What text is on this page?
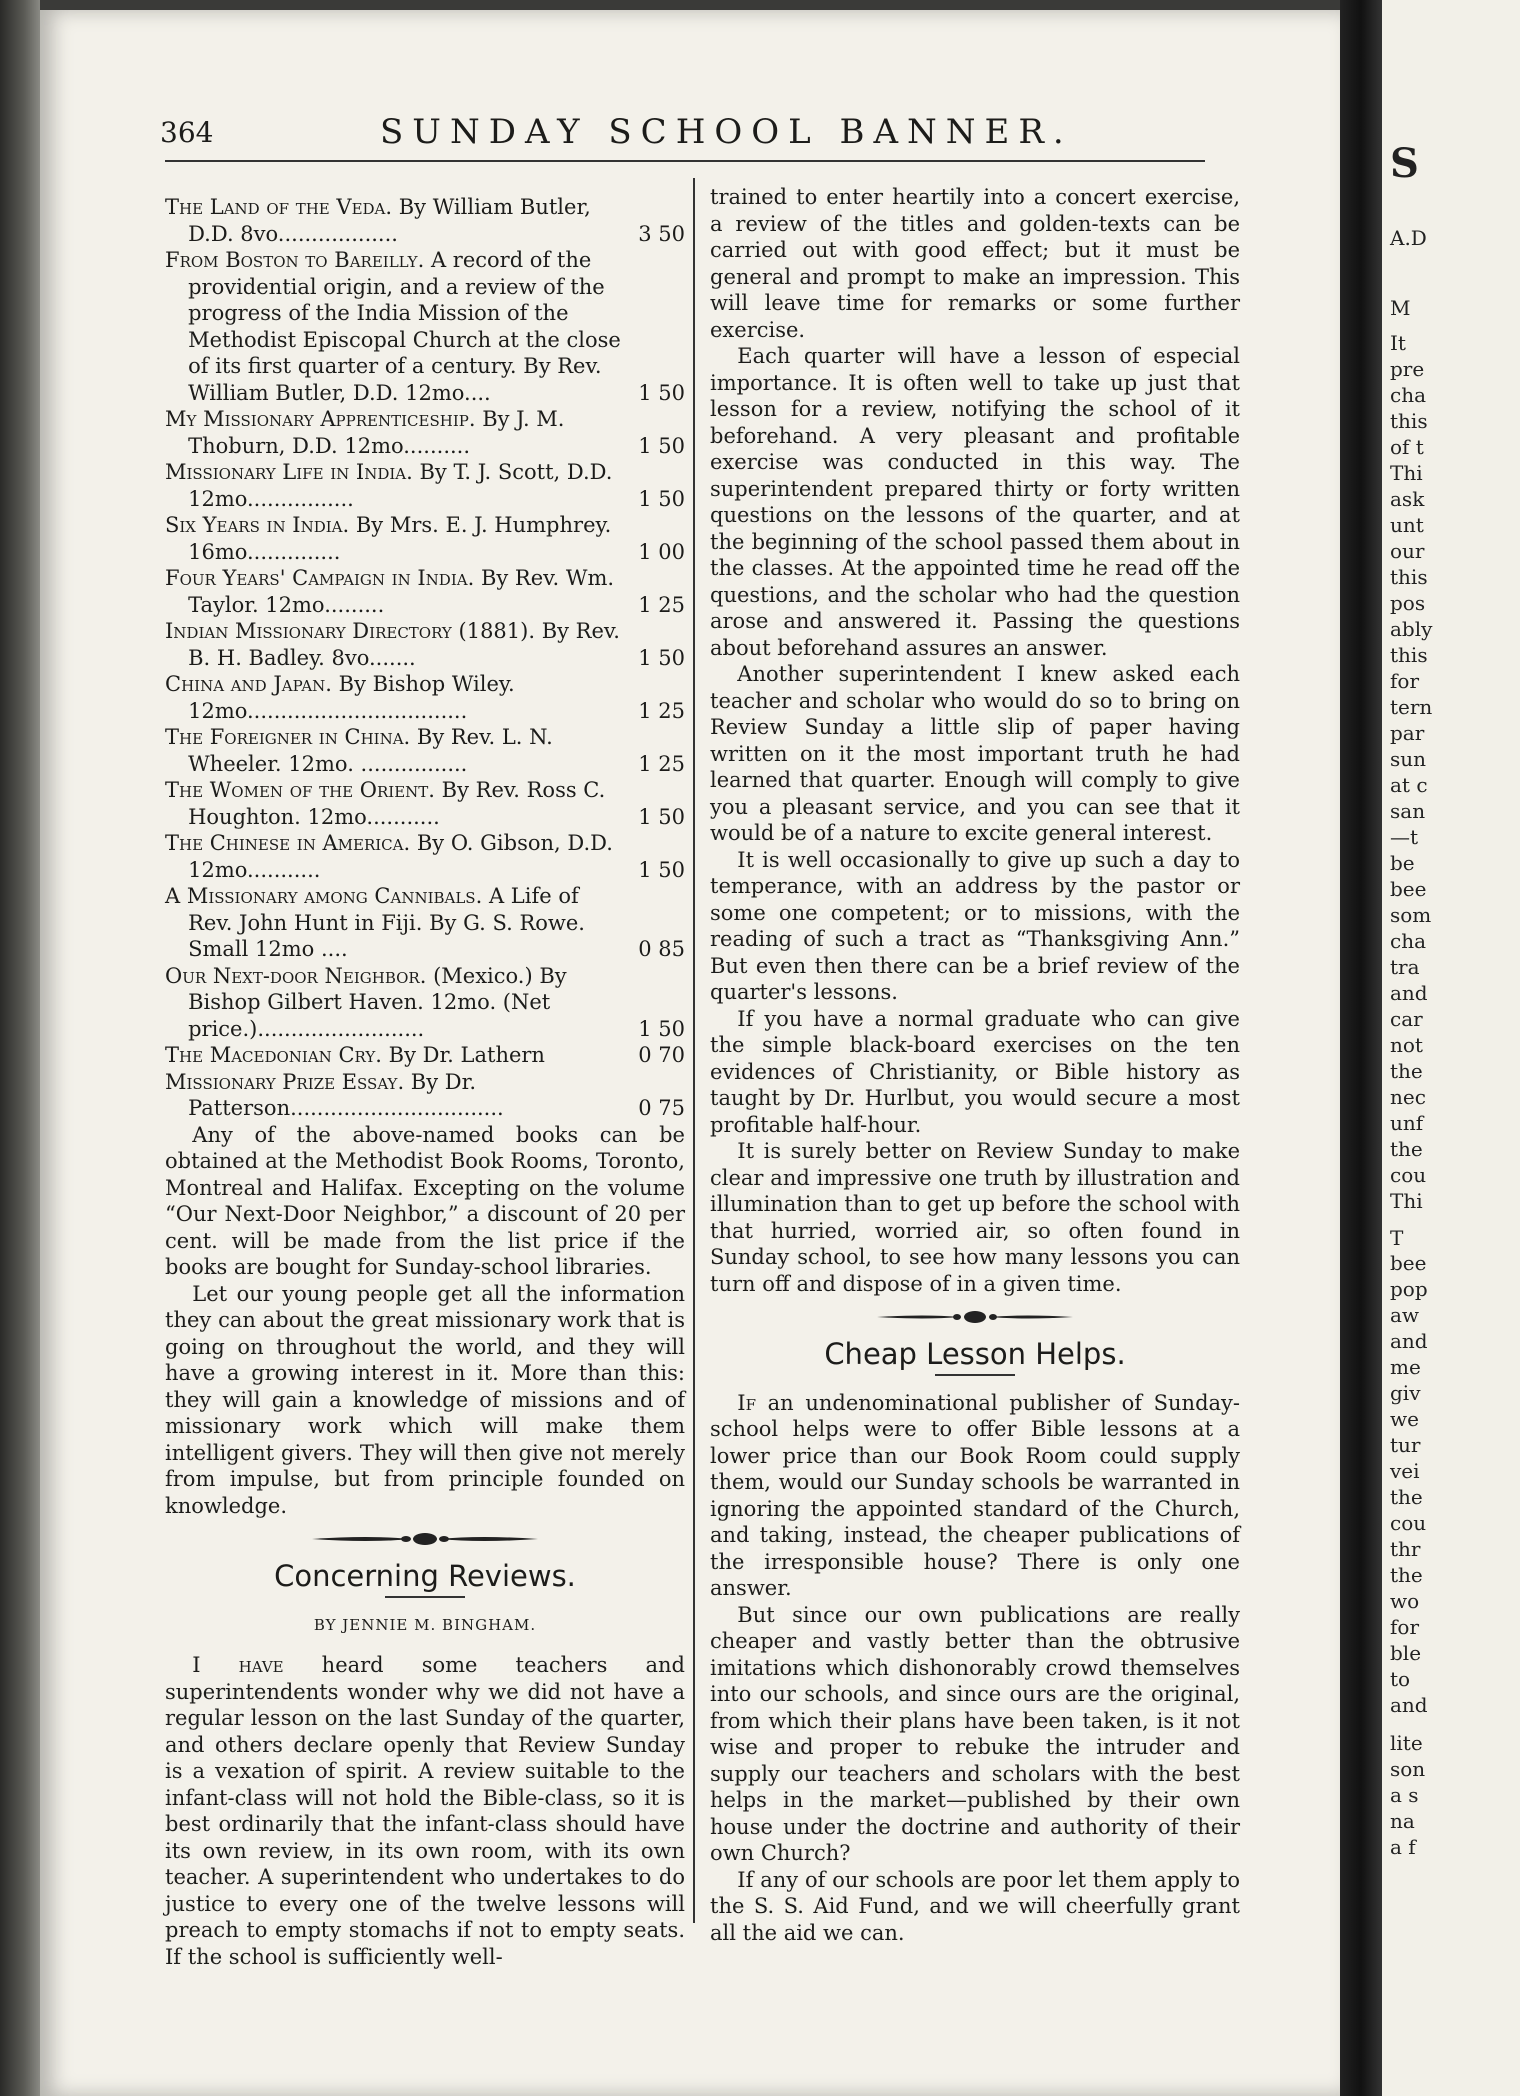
364	SUNDAY SCHOOL BANNER.
The Land of the Veda. By William Butler, D.D. 8vo..................	3 50
From Boston to Bareilly. A record of the providential origin, and a review of the progress of the India Mission of the Methodist Episcopal Church at the close of its first quarter of a century. By Rev. William Butler, D.D. 12mo....	1 50
My Missionary Apprenticeship. By J. M. Thoburn, D.D. 12mo..........	1 50
Missionary Life in India. By T. J. Scott, D.D. 12mo................	1 50
Six Years in India. By Mrs. E. J. Humphrey. 16mo..............	1 00
Four Years' Campaign in India. By Rev. Wm. Taylor. 12mo.........	1 25
Indian Missionary Directory (1881). By Rev. B. H. Badley. 8vo.......	1 50
China and Japan. By Bishop Wiley. 12mo.................................	1 25
The Foreigner in China. By Rev. L. N. Wheeler. 12mo. ................	1 25
The Women of the Orient. By Rev. Ross C. Houghton. 12mo...........	1 50
The Chinese in America. By O. Gibson, D.D. 12mo...........	1 50
A Missionary among Cannibals. A Life of Rev. John Hunt in Fiji. By G. S. Rowe. Small 12mo ....	0 85
Our Next-door Neighbor. (Mexico.) By Bishop Gilbert Haven. 12mo. (Net price.).........................	1 50
The Macedonian Cry. By Dr. Lathern	0 70
Missionary Prize Essay. By Dr. Patterson................................	0 75

Any of the above-named books can be obtained at the Methodist Book Rooms, Toronto, Montreal and Halifax. Excepting on the volume “Our Next-Door Neighbor,” a discount of 20 per cent. will be made from the list price if the books are bought for Sunday-school libraries.

Let our young people get all the information they can about the great missionary work that is going on throughout the world, and they will have a growing interest in it. More than this: they will gain a knowledge of missions and of missionary work which will make them intelligent givers. They will then give not merely from impulse, but from principle founded on knowledge.

Concerning Reviews.
BY JENNIE M. BINGHAM.

I have heard some teachers and superintendents wonder why we did not have a regular lesson on the last Sunday of the quarter, and others declare openly that Review Sunday is a vexation of spirit. A review suitable to the infant-class will not hold the Bible-class, so it is best ordinarily that the infant-class should have its own review, in its own room, with its own teacher. A superintendent who undertakes to do justice to every one of the twelve lessons will preach to empty stomachs if not to empty seats. If the school is sufficiently well-

trained to enter heartily into a concert exercise, a review of the titles and golden-texts can be carried out with good effect; but it must be general and prompt to make an impression. This will leave time for remarks or some further exercise.

Each quarter will have a lesson of especial importance. It is often well to take up just that lesson for a review, notifying the school of it beforehand. A very pleasant and profitable exercise was conducted in this way. The superintendent prepared thirty or forty written questions on the lessons of the quarter, and at the beginning of the school passed them about in the classes. At the appointed time he read off the questions, and the scholar who had the question arose and answered it. Passing the questions about beforehand assures an answer.

Another superintendent I knew asked each teacher and scholar who would do so to bring on Review Sunday a little slip of paper having written on it the most important truth he had learned that quarter. Enough will comply to give you a pleasant service, and you can see that it would be of a nature to excite general interest.

It is well occasionally to give up such a day to temperance, with an address by the pastor or some one competent; or to missions, with the reading of such a tract as “Thanksgiving Ann.” But even then there can be a brief review of the quarter's lessons.

If you have a normal graduate who can give the simple black-board exercises on the ten evidences of Christianity, or Bible history as taught by Dr. Hurlbut, you would secure a most profitable half-hour.

It is surely better on Review Sunday to make clear and impressive one truth by illustration and illumination than to get up before the school with that hurried, worried air, so often found in Sunday school, to see how many lessons you can turn off and dispose of in a given time.

Cheap Lesson Helps.

If an undenominational publisher of Sunday-school helps were to offer Bible lessons at a lower price than our Book Room could supply them, would our Sunday schools be warranted in ignoring the appointed standard of the Church, and taking, instead, the cheaper publications of the irresponsible house? There is only one answer.

But since our own publications are really cheaper and vastly better than the obtrusive imitations which dishonorably crowd themselves into our schools, and since ours are the original, from which their plans have been taken, is it not wise and proper to rebuke the intruder and supply our teachers and scholars with the best helps in the market—published by their own house under the doctrine and authority of their own Church?

If any of our schools are poor let them apply to the S. S. Aid Fund, and we will cheerfully grant all the aid we can.

S
A.D
M
It
pre
cha
this
of t
Thi
ask
unt
our
this
pos
ably
this
for
tern
par
sun
at c
san
—t
be
bee
som
cha
tra
and
car
not
the
nec
unf
the
cou
Thi
T
bee
pop
aw
and
me
giv
we
tur
vei
the
cou
thr
the
wo
for
ble
to
and
lite
son
a s
na
a f
